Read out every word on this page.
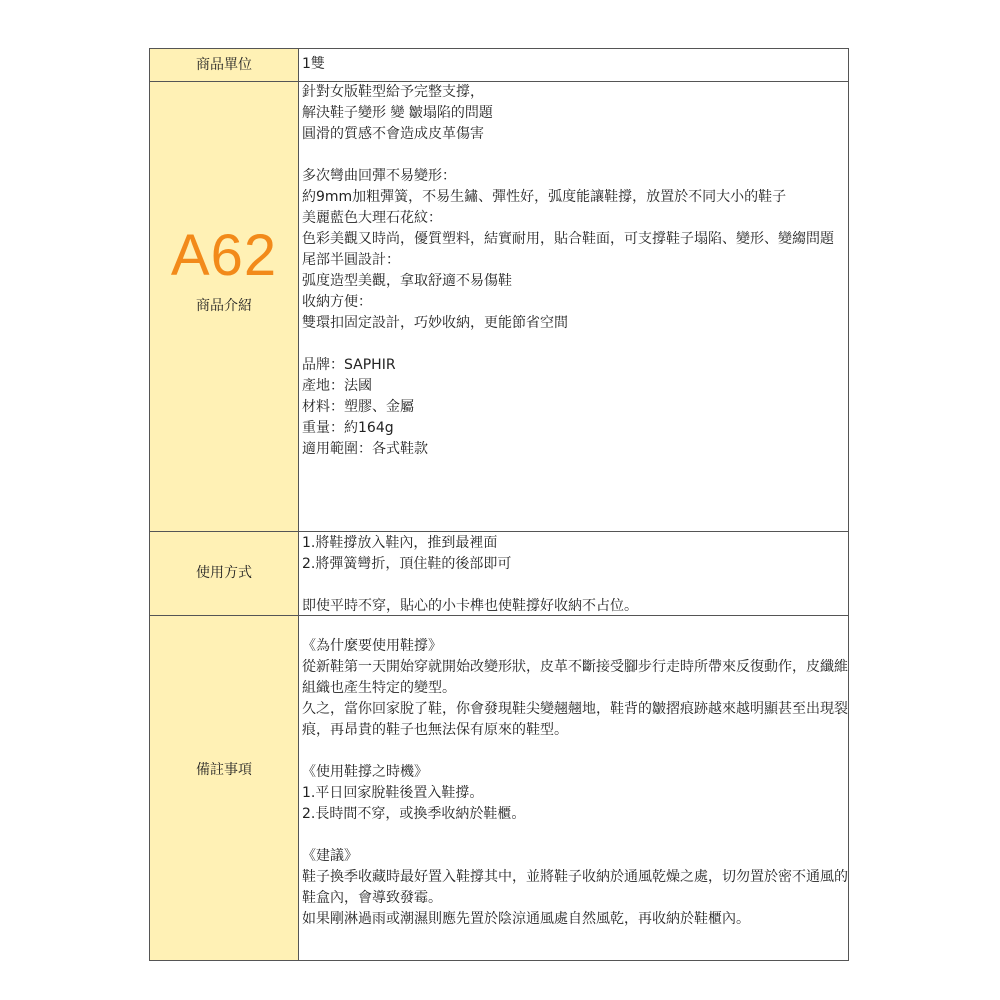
商品單位	1雙
A62
商品介紹
針對女版鞋型給予完整支撐，
解決鞋子變形 變 皺塌陷的問題
圓滑的質感不會造成皮革傷害
多次彎曲回彈不易變形：
約9mm加粗彈簧，不易生鏽、彈性好，弧度能讓鞋撐，放置於不同大小的鞋子
美麗藍色大理石花紋：
色彩美觀又時尚，優質塑料，結實耐用，貼合鞋面，可支撐鞋子塌陷、變形、變縐問題
尾部半圓設計：
弧度造型美觀，拿取舒適不易傷鞋
收納方便：
雙環扣固定設計，巧妙收納，更能節省空間
品牌：SAPHIR
產地：法國
材料：塑膠、金屬
重量：約164g
適用範圍：各式鞋款
使用方式
1.將鞋撐放入鞋內，推到最裡面
2.將彈簧彎折，頂住鞋的後部即可
即使平時不穿，貼心的小卡榫也使鞋撐好收納不占位。
備註事項
《為什麼要使用鞋撐》
從新鞋第一天開始穿就開始改變形狀，皮革不斷接受腳步行走時所帶來反復動作，皮纖維組織也產生特定的變型。
久之，當你回家脫了鞋，你會發現鞋尖變翹翹地，鞋背的皺摺痕跡越來越明顯甚至出現裂痕，再昂貴的鞋子也無法保有原來的鞋型。
《使用鞋撐之時機》
1.平日回家脫鞋後置入鞋撐。
2.長時間不穿，或換季收納於鞋櫃。
《建議》
鞋子換季收藏時最好置入鞋撐其中，並將鞋子收納於通風乾燥之處，切勿置於密不通風的鞋盒內，會導致發霉。
如果剛淋過雨或潮濕則應先置於陰涼通風處自然風乾，再收納於鞋櫃內。
